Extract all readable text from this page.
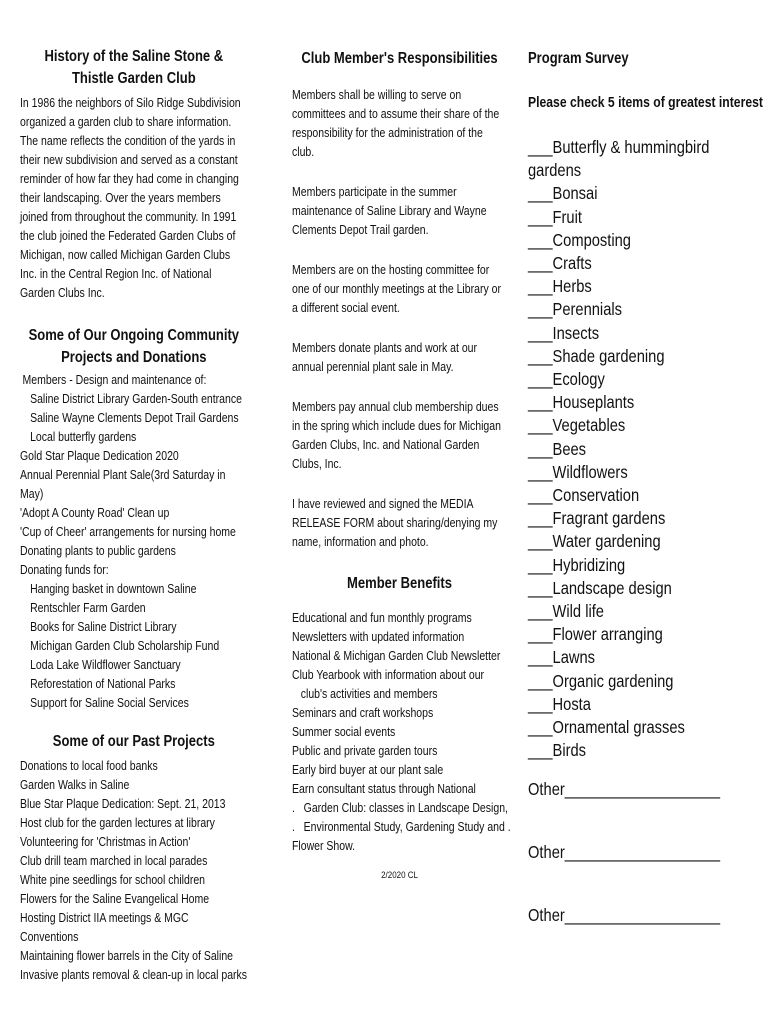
History of the Saline Stone & Thistle Garden Club

In 1986 the neighbors of Silo Ridge Subdivision organized a garden club to share information. The name reflects the condition of the yards in their new subdivision and served as a constant reminder of how far they had come in changing their landscaping. Over the years members joined from throughout the community. In 1991 the club joined the Federated Garden Clubs of Michigan, now called Michigan Garden Clubs Inc. in the Central Region Inc. of National Garden Clubs Inc.

Some of Our Ongoing Community Projects and Donations
Members - Design and maintenance of:
Saline District Library Garden-South entrance
Saline Wayne Clements Depot Trail Gardens
Local butterfly gardens
Gold Star Plaque Dedication 2020
Annual Perennial Plant Sale(3rd Saturday in May)
'Adopt A County Road' Clean up
'Cup of Cheer' arrangements for nursing home
Donating plants to public gardens
Donating funds for:
Hanging basket in downtown Saline
Rentschler Farm Garden
Books for Saline District Library
Michigan Garden Club Scholarship Fund
Loda Lake Wildflower Sanctuary
Reforestation of National Parks
Support for Saline Social Services
Some of our Past Projects
Donations to local food banks
Garden Walks in Saline
Blue Star Plaque Dedication: Sept. 21, 2013
Host club for the garden lectures at library
Volunteering for 'Christmas in Action'
Club drill team marched in local parades
White pine seedlings for school children
Flowers for the Saline Evangelical Home
Hosting District IIA meetings & MGC Conventions
Maintaining flower barrels in the City of Saline
Invasive plants removal & clean-up in local parks
Club Member's Responsibilities

Members shall be willing to serve on committees and to assume their share of the responsibility for the administration of the club.

Members participate in the summer maintenance of Saline Library and Wayne Clements Depot Trail garden.

Members are on the hosting committee for one of our monthly meetings at the Library or a different social event.

Members donate plants and work at our annual perennial plant sale in May.

Members pay annual club membership dues in the spring which include dues for Michigan Garden Clubs, Inc. and National Garden Clubs, Inc.

I have reviewed and signed the MEDIA RELEASE FORM about sharing/denying my name, information and photo.

Member Benefits
Educational and fun monthly programs
Newsletters with updated information
National & Michigan Garden Club Newsletter
Club Yearbook with information about our
club's activities and members
Seminars and craft workshops
Summer social events
Public and private garden tours
Early bird buyer at our plant sale
Earn consultant status through National
.   Garden Club: classes in Landscape Design,
.   Environmental Study, Gardening Study and .
Flower Show.
2/2020 CL
Program Survey
Please check 5 items of greatest interest
___Butterfly & hummingbird gardens
___Bonsai
___Fruit
___Composting
___Crafts
___Herbs
___Perennials
___Insects
___Shade gardening
___Ecology
___Houseplants
___Vegetables
___Bees
___Wildflowers
___Conservation
___Fragrant gardens
___Water gardening
___Hybridizing
___Landscape design
___Wild life
___Flower arranging
___Lawns
___Organic gardening
___Hosta
___Ornamental grasses
___Birds
Other___________________
Other___________________
Other___________________
